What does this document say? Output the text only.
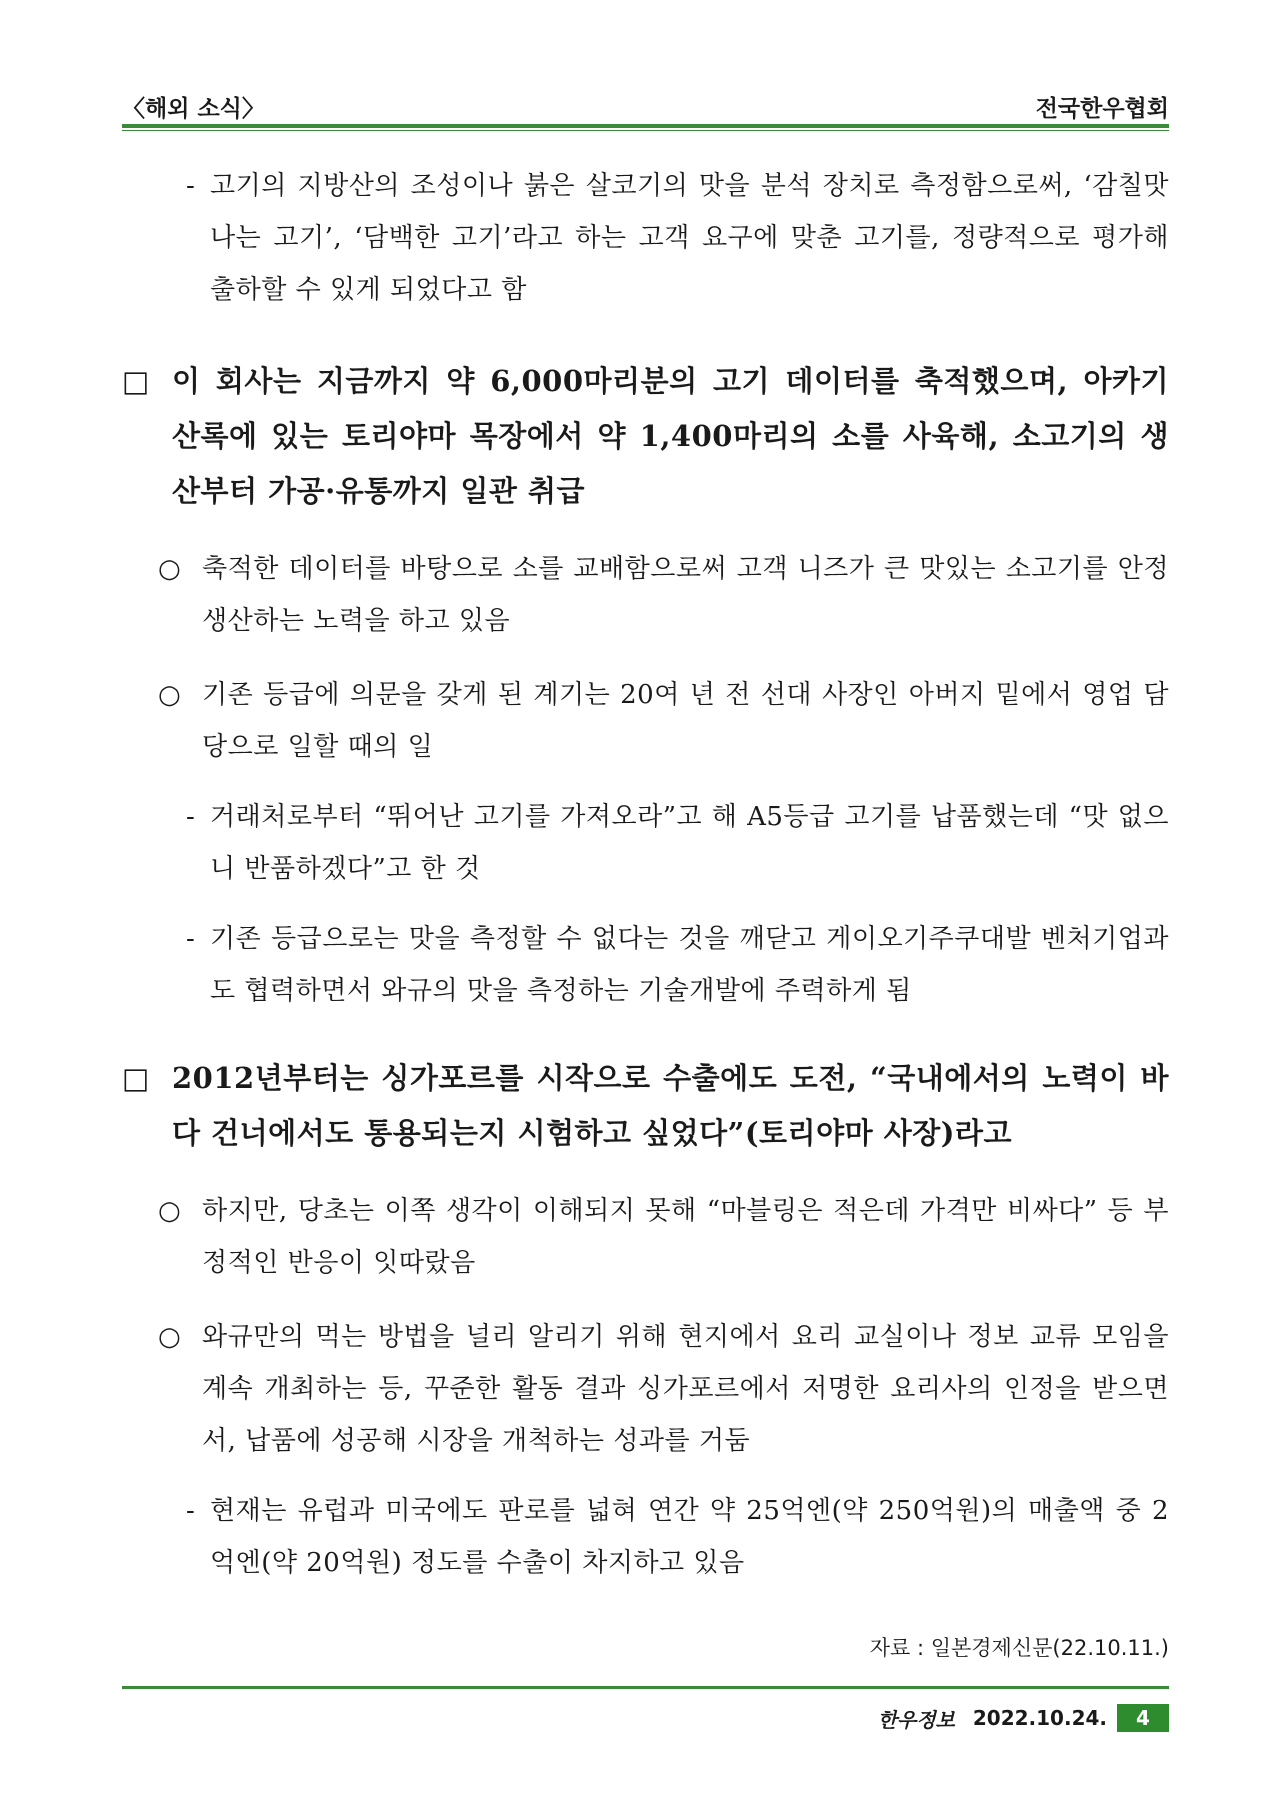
〈해외 소식〉	전국한우협회
- 고기의 지방산의 조성이나 붉은 살코기의 맛을 분석 장치로 측정함으로써, ‘감칠맛 나는 고기’, ‘담백한 고기’라고 하는 고객 요구에 맞춘 고기를, 정량적으로 평가해 출하할 수 있게 되었다고 함
□ 이 회사는 지금까지 약 6,000마리분의 고기 데이터를 축적했으며, 아카기 산록에 있는 토리야마 목장에서 약 1,400마리의 소를 사육해, 소고기의 생산부터 가공·유통까지 일관 취급
○ 축적한 데이터를 바탕으로 소를 교배함으로써 고객 니즈가 큰 맛있는 소고기를 안정 생산하는 노력을 하고 있음
○ 기존 등급에 의문을 갖게 된 계기는 20여 년 전 선대 사장인 아버지 밑에서 영업 담당으로 일할 때의 일
- 거래처로부터 “뛰어난 고기를 가져오라”고 해 A5등급 고기를 납품했는데 “맛 없으니 반품하겠다”고 한 것
- 기존 등급으로는 맛을 측정할 수 없다는 것을 깨닫고 게이오기주쿠대발 벤처기업과도 협력하면서 와규의 맛을 측정하는 기술개발에 주력하게 됨
□ 2012년부터는 싱가포르를 시작으로 수출에도 도전, “국내에서의 노력이 바다 건너에서도 통용되는지 시험하고 싶었다”(토리야마 사장)라고
○ 하지만, 당초는 이쪽 생각이 이해되지 못해 “마블링은 적은데 가격만 비싸다” 등 부정적인 반응이 잇따랐음
○ 와규만의 먹는 방법을 널리 알리기 위해 현지에서 요리 교실이나 정보 교류 모임을 계속 개최하는 등, 꾸준한 활동 결과 싱가포르에서 저명한 요리사의 인정을 받으면서, 납품에 성공해 시장을 개척하는 성과를 거둠
- 현재는 유럽과 미국에도 판로를 넓혀 연간 약 25억엔(약 250억원)의 매출액 중 2억엔(약 20억원) 정도를 수출이 차지하고 있음
자료 : 일본경제신문(22.10.11.)
한우정보 2022.10.24.	4
